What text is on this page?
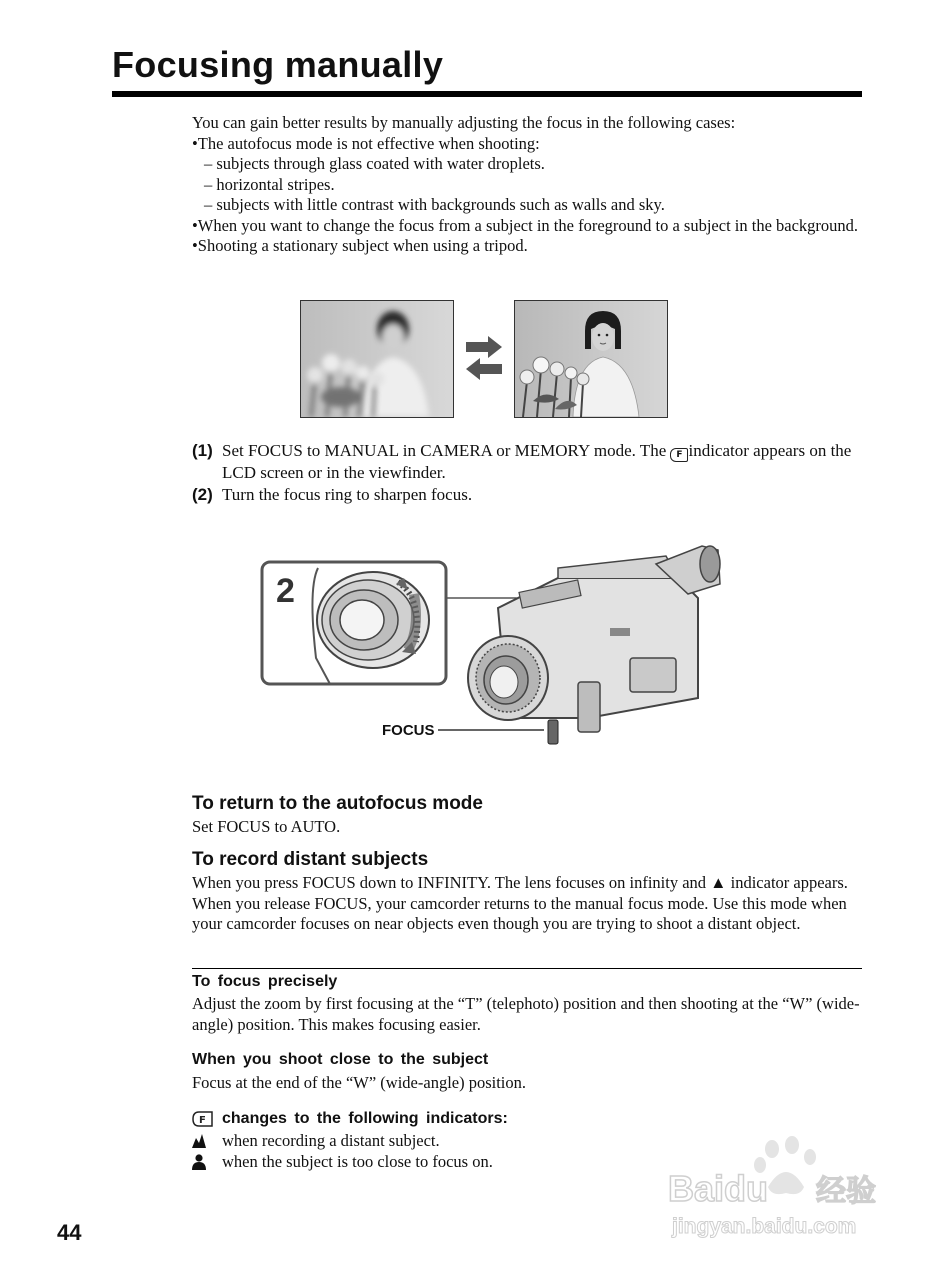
Focusing manually

You can gain better results by manually adjusting the focus in the following cases:

•The autofocus mode is not effective when shooting:

– subjects through glass coated with water droplets.

– horizontal stripes.

– subjects with little contrast with backgrounds such as walls and sky.

•When you want to change the focus from a subject in the foreground to a subject in the background.

•Shooting a stationary subject when using a tripod.

(1) Set FOCUS to MANUAL in CAMERA or MEMORY mode. The F indicator appears on the LCD screen or in the viewfinder.
(2) Turn the focus ring to sharpen focus.
2
FOCUS
To return to the autofocus mode
Set FOCUS to AUTO.
To record distant subjects
When you press FOCUS down to INFINITY. The lens focuses on infinity and ▲ indicator appears. When you release FOCUS, your camcorder returns to the manual focus mode. Use this mode when your camcorder focuses on near objects even though you are trying to shoot a distant object.
To focus precisely
Adjust the zoom by first focusing at the “T” (telephoto) position and then shooting at the “W” (wide-angle) position. This makes focusing easier.
When you shoot close to the subject
Focus at the end of the “W” (wide-angle) position.
F changes to the following indicators:
when recording a distant subject.
when the subject is too close to focus on.
44
Baidu 经验
jingyan.baidu.com
